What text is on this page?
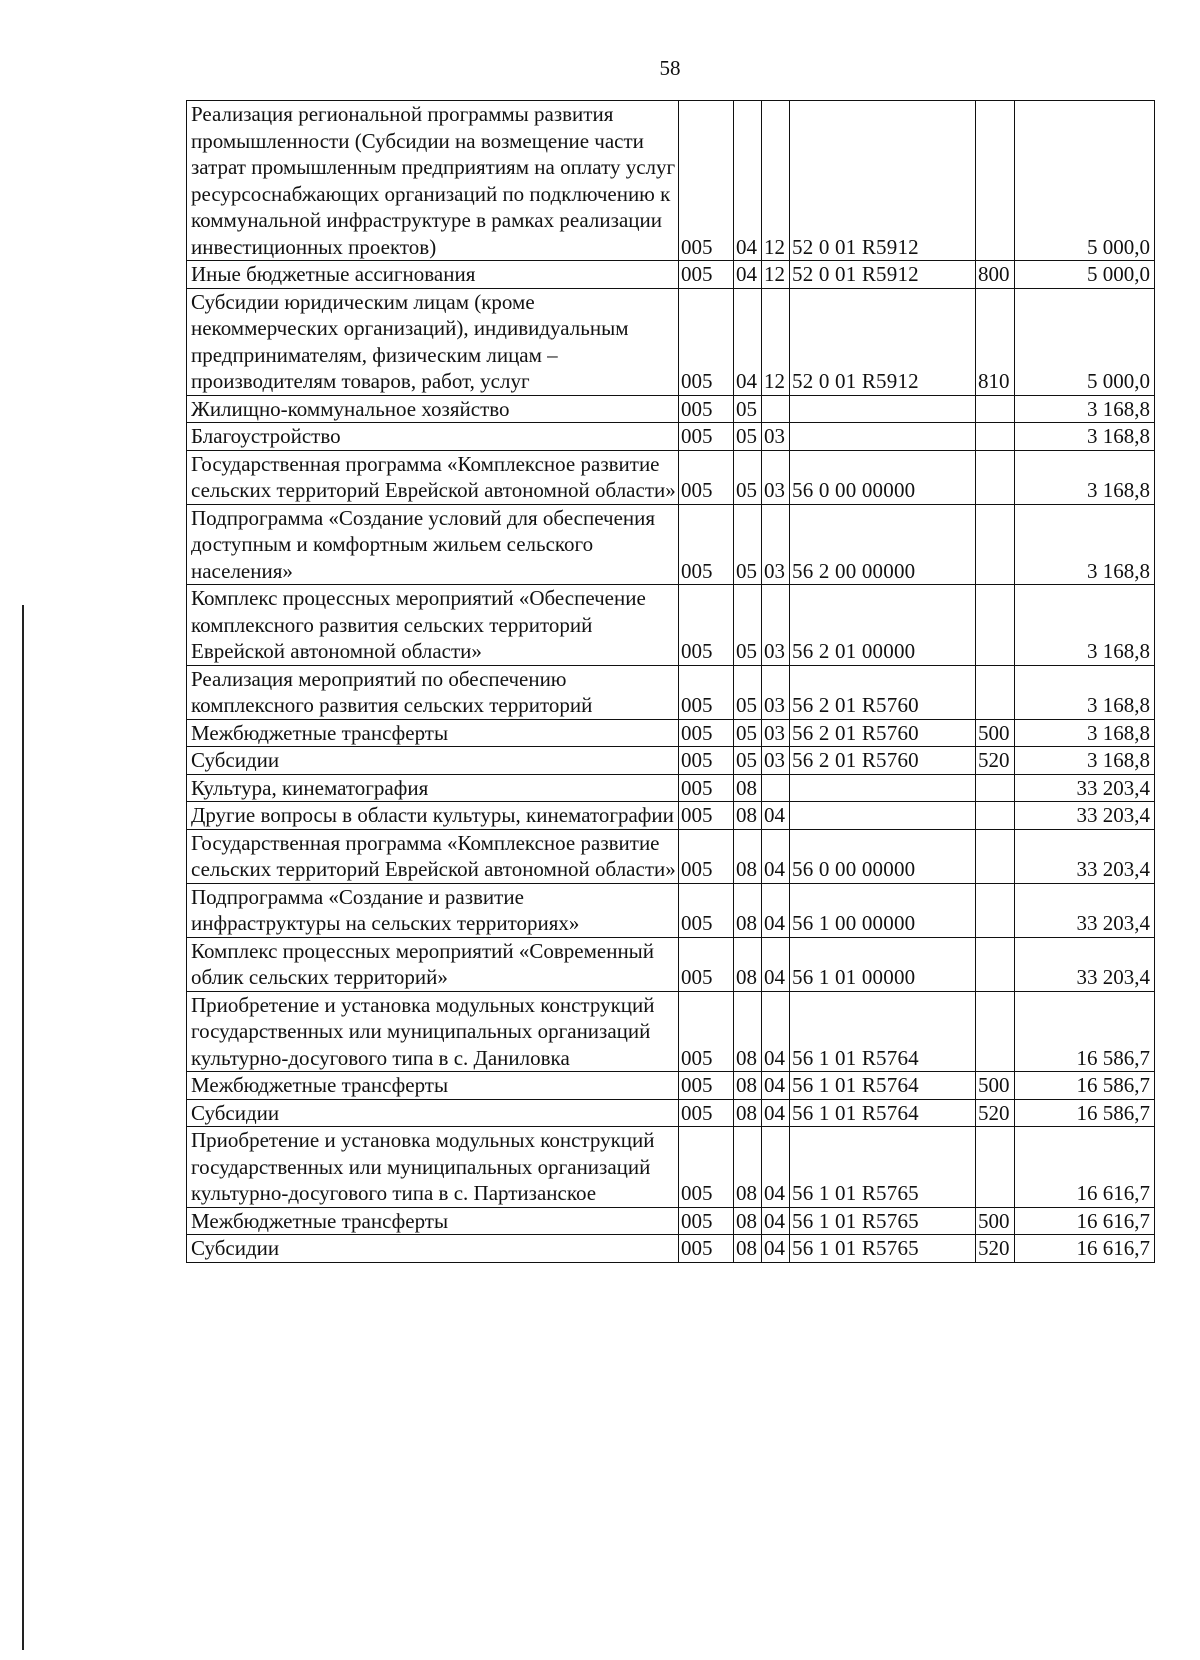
58
Реализация региональной программы развития промышленности (Субсидии на возмещение части затрат промышленным предприятиям на оплату услуг ресурсоснабжающих организаций по подключению к коммунальной инфраструктуре в рамках реализации инвестиционных проектов)	005	04	12	52 0 01 R5912		5 000,0
Иные бюджетные ассигнования	005	04	12	52 0 01 R5912	800	5 000,0
Субсидии юридическим лицам (кроме некоммерческих организаций), индивидуальным предпринимателям, физическим лицам – производителям товаров, работ, услуг	005	04	12	52 0 01 R5912	810	5 000,0
Жилищно-коммунальное хозяйство	005	05				3 168,8
Благоустройство	005	05	03			3 168,8
Государственная программа «Комплексное развитие сельских территорий Еврейской автономной области»	005	05	03	56 0 00 00000		3 168,8
Подпрограмма «Создание условий для обеспечения доступным и комфортным жильем сельского населения»	005	05	03	56 2 00 00000		3 168,8
Комплекс процессных мероприятий «Обеспечение комплексного развития сельских территорий Еврейской автономной области»	005	05	03	56 2 01 00000		3 168,8
Реализация мероприятий по обеспечению комплексного развития сельских территорий	005	05	03	56 2 01 R5760		3 168,8
Межбюджетные трансферты	005	05	03	56 2 01 R5760	500	3 168,8
Субсидии	005	05	03	56 2 01 R5760	520	3 168,8
Культура, кинематография	005	08				33 203,4
Другие вопросы в области культуры, кинематографии	005	08	04			33 203,4
Государственная программа «Комплексное развитие сельских территорий Еврейской автономной области»	005	08	04	56 0 00 00000		33 203,4
Подпрограмма «Создание и развитие инфраструктуры на сельских территориях»	005	08	04	56 1 00 00000		33 203,4
Комплекс процессных мероприятий «Современный облик сельских территорий»	005	08	04	56 1 01 00000		33 203,4
Приобретение и установка модульных конструкций государственных или муниципальных организаций культурно-досугового типа в с. Даниловка	005	08	04	56 1 01 R5764		16 586,7
Межбюджетные трансферты	005	08	04	56 1 01 R5764	500	16 586,7
Субсидии	005	08	04	56 1 01 R5764	520	16 586,7
Приобретение и установка модульных конструкций государственных или муниципальных организаций культурно-досугового типа в с. Партизанское	005	08	04	56 1 01 R5765		16 616,7
Межбюджетные трансферты	005	08	04	56 1 01 R5765	500	16 616,7
Субсидии	005	08	04	56 1 01 R5765	520	16 616,7
